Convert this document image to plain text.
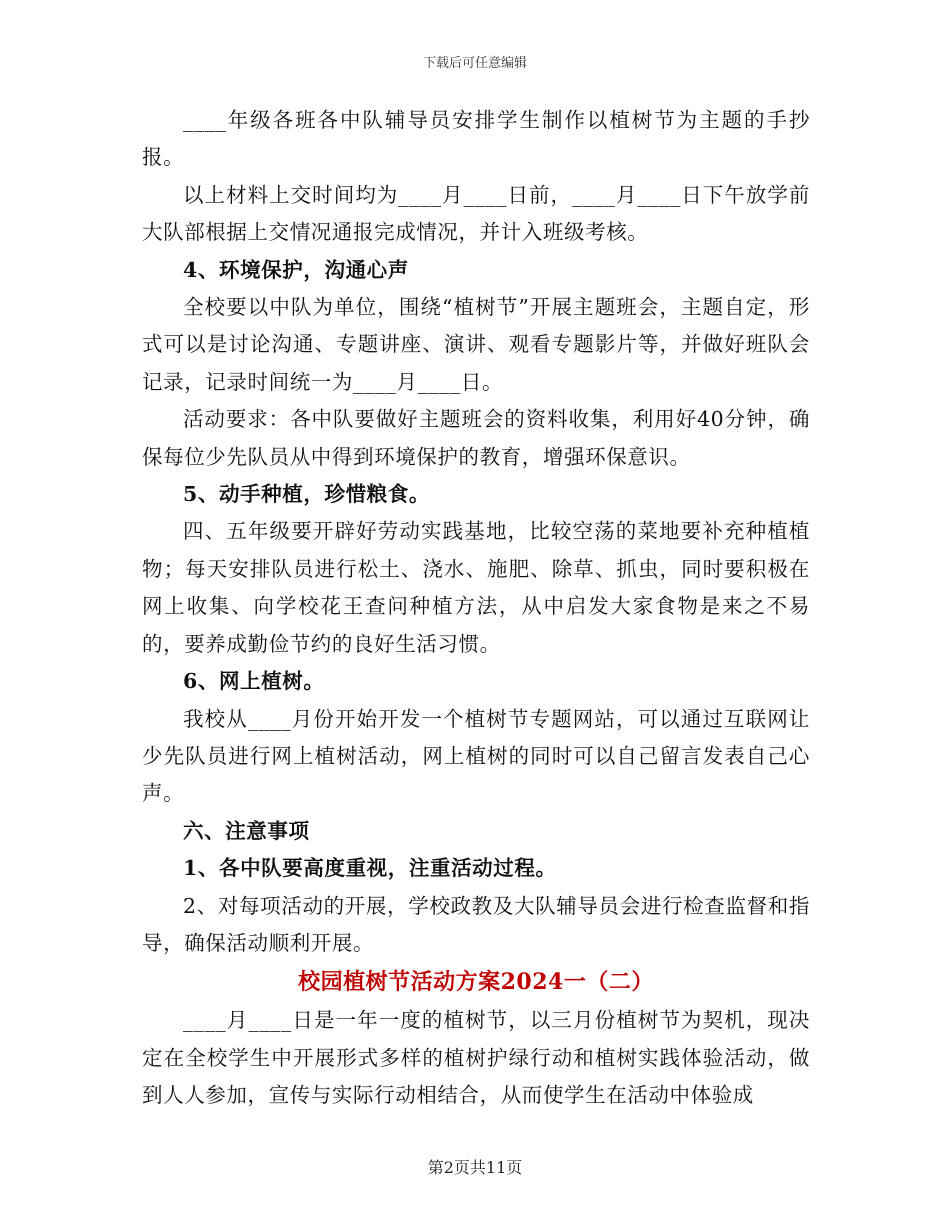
下载后可任意编辑

____年级各班各中队辅导员安排学生制作以植树节为主题的手抄报。

以上材料上交时间均为____月____日前，____月____日下午放学前大队部根据上交情况通报完成情况，并计入班级考核。

4、环境保护，沟通心声

全校要以中队为单位，围绕“植树节”开展主题班会，主题自定，形式可以是讨论沟通、专题讲座、演讲、观看专题影片等，并做好班队会记录，记录时间统一为____月____日。

活动要求：各中队要做好主题班会的资料收集，利用好40分钟，确保每位少先队员从中得到环境保护的教育，增强环保意识。

5、动手种植，珍惜粮食。

四、五年级要开辟好劳动实践基地，比较空荡的菜地要补充种植植物；每天安排队员进行松土、浇水、施肥、除草、抓虫，同时要积极在网上收集、向学校花王查问种植方法，从中启发大家食物是来之不易的，要养成勤俭节约的良好生活习惯。

6、网上植树。

我校从____月份开始开发一个植树节专题网站，可以通过互联网让少先队员进行网上植树活动，网上植树的同时可以自己留言发表自己心声。

六、注意事项

1、各中队要高度重视，注重活动过程。

2、对每项活动的开展，学校政教及大队辅导员会进行检查监督和指导，确保活动顺利开展。

校园植树节活动方案2024一（二）

____月____日是一年一度的植树节，以三月份植树节为契机，现决定在全校学生中开展形式多样的植树护绿行动和植树实践体验活动，做到人人参加，宣传与实际行动相结合，从而使学生在活动中体验成

第2页共11页
